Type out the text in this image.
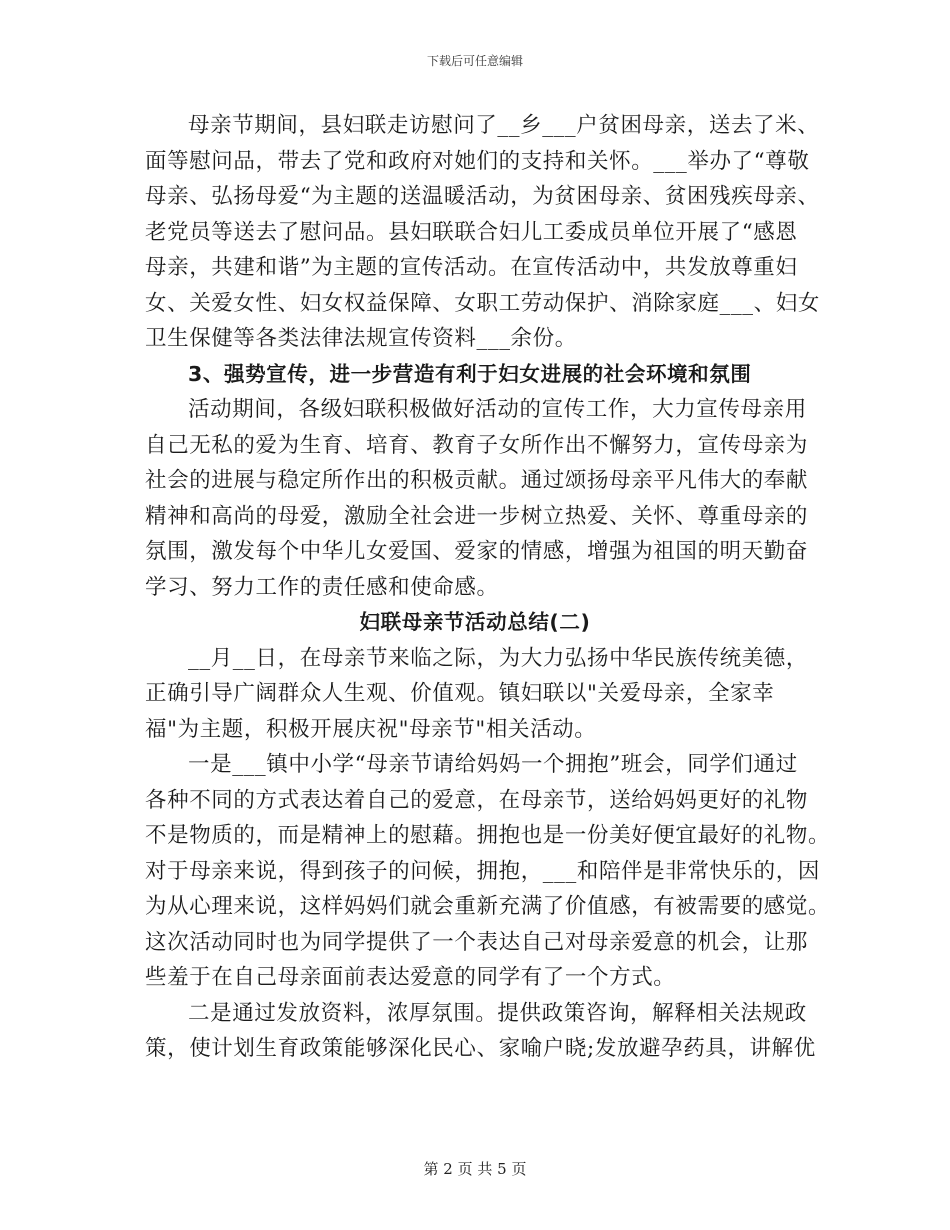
下载后可任意编辑
母亲节期间，县妇联走访慰问了__乡___户贫困母亲，送去了米、
面等慰问品，带去了党和政府对她们的支持和关怀。___举办了“尊敬
母亲、弘扬母爱“为主题的送温暖活动，为贫困母亲、贫困残疾母亲、
老党员等送去了慰问品。县妇联联合妇儿工委成员单位开展了“感恩
母亲，共建和谐”为主题的宣传活动。在宣传活动中，共发放尊重妇
女、关爱女性、妇女权益保障、女职工劳动保护、消除家庭___、妇女
卫生保健等各类法律法规宣传资料___余份。
3、强势宣传，进一步营造有利于妇女进展的社会环境和氛围
活动期间，各级妇联积极做好活动的宣传工作，大力宣传母亲用
自己无私的爱为生育、培育、教育子女所作出不懈努力，宣传母亲为
社会的进展与稳定所作出的积极贡献。通过颂扬母亲平凡伟大的奉献
精神和高尚的母爱，激励全社会进一步树立热爱、关怀、尊重母亲的
氛围，激发每个中华儿女爱国、爱家的情感，增强为祖国的明天勤奋
学习、努力工作的责任感和使命感。
妇联母亲节活动总结(二)
__月__日，在母亲节来临之际，为大力弘扬中华民族传统美德，
正确引导广阔群众人生观、价值观。镇妇联以"关爱母亲，全家幸
福"为主题，积极开展庆祝"母亲节"相关活动。
一是___镇中小学“母亲节请给妈妈一个拥抱”班会，同学们通过
各种不同的方式表达着自己的爱意，在母亲节，送给妈妈更好的礼物
不是物质的，而是精神上的慰藉。拥抱也是一份美好便宜最好的礼物。
对于母亲来说，得到孩子的问候，拥抱，___和陪伴是非常快乐的，因
为从心理来说，这样妈妈们就会重新充满了价值感，有被需要的感觉。
这次活动同时也为同学提供了一个表达自己对母亲爱意的机会，让那
些羞于在自己母亲面前表达爱意的同学有了一个方式。
二是通过发放资料，浓厚氛围。提供政策咨询，解释相关法规政
策，使计划生育政策能够深化民心、家喻户晓;发放避孕药具，讲解优
第 2 页 共 5 页
